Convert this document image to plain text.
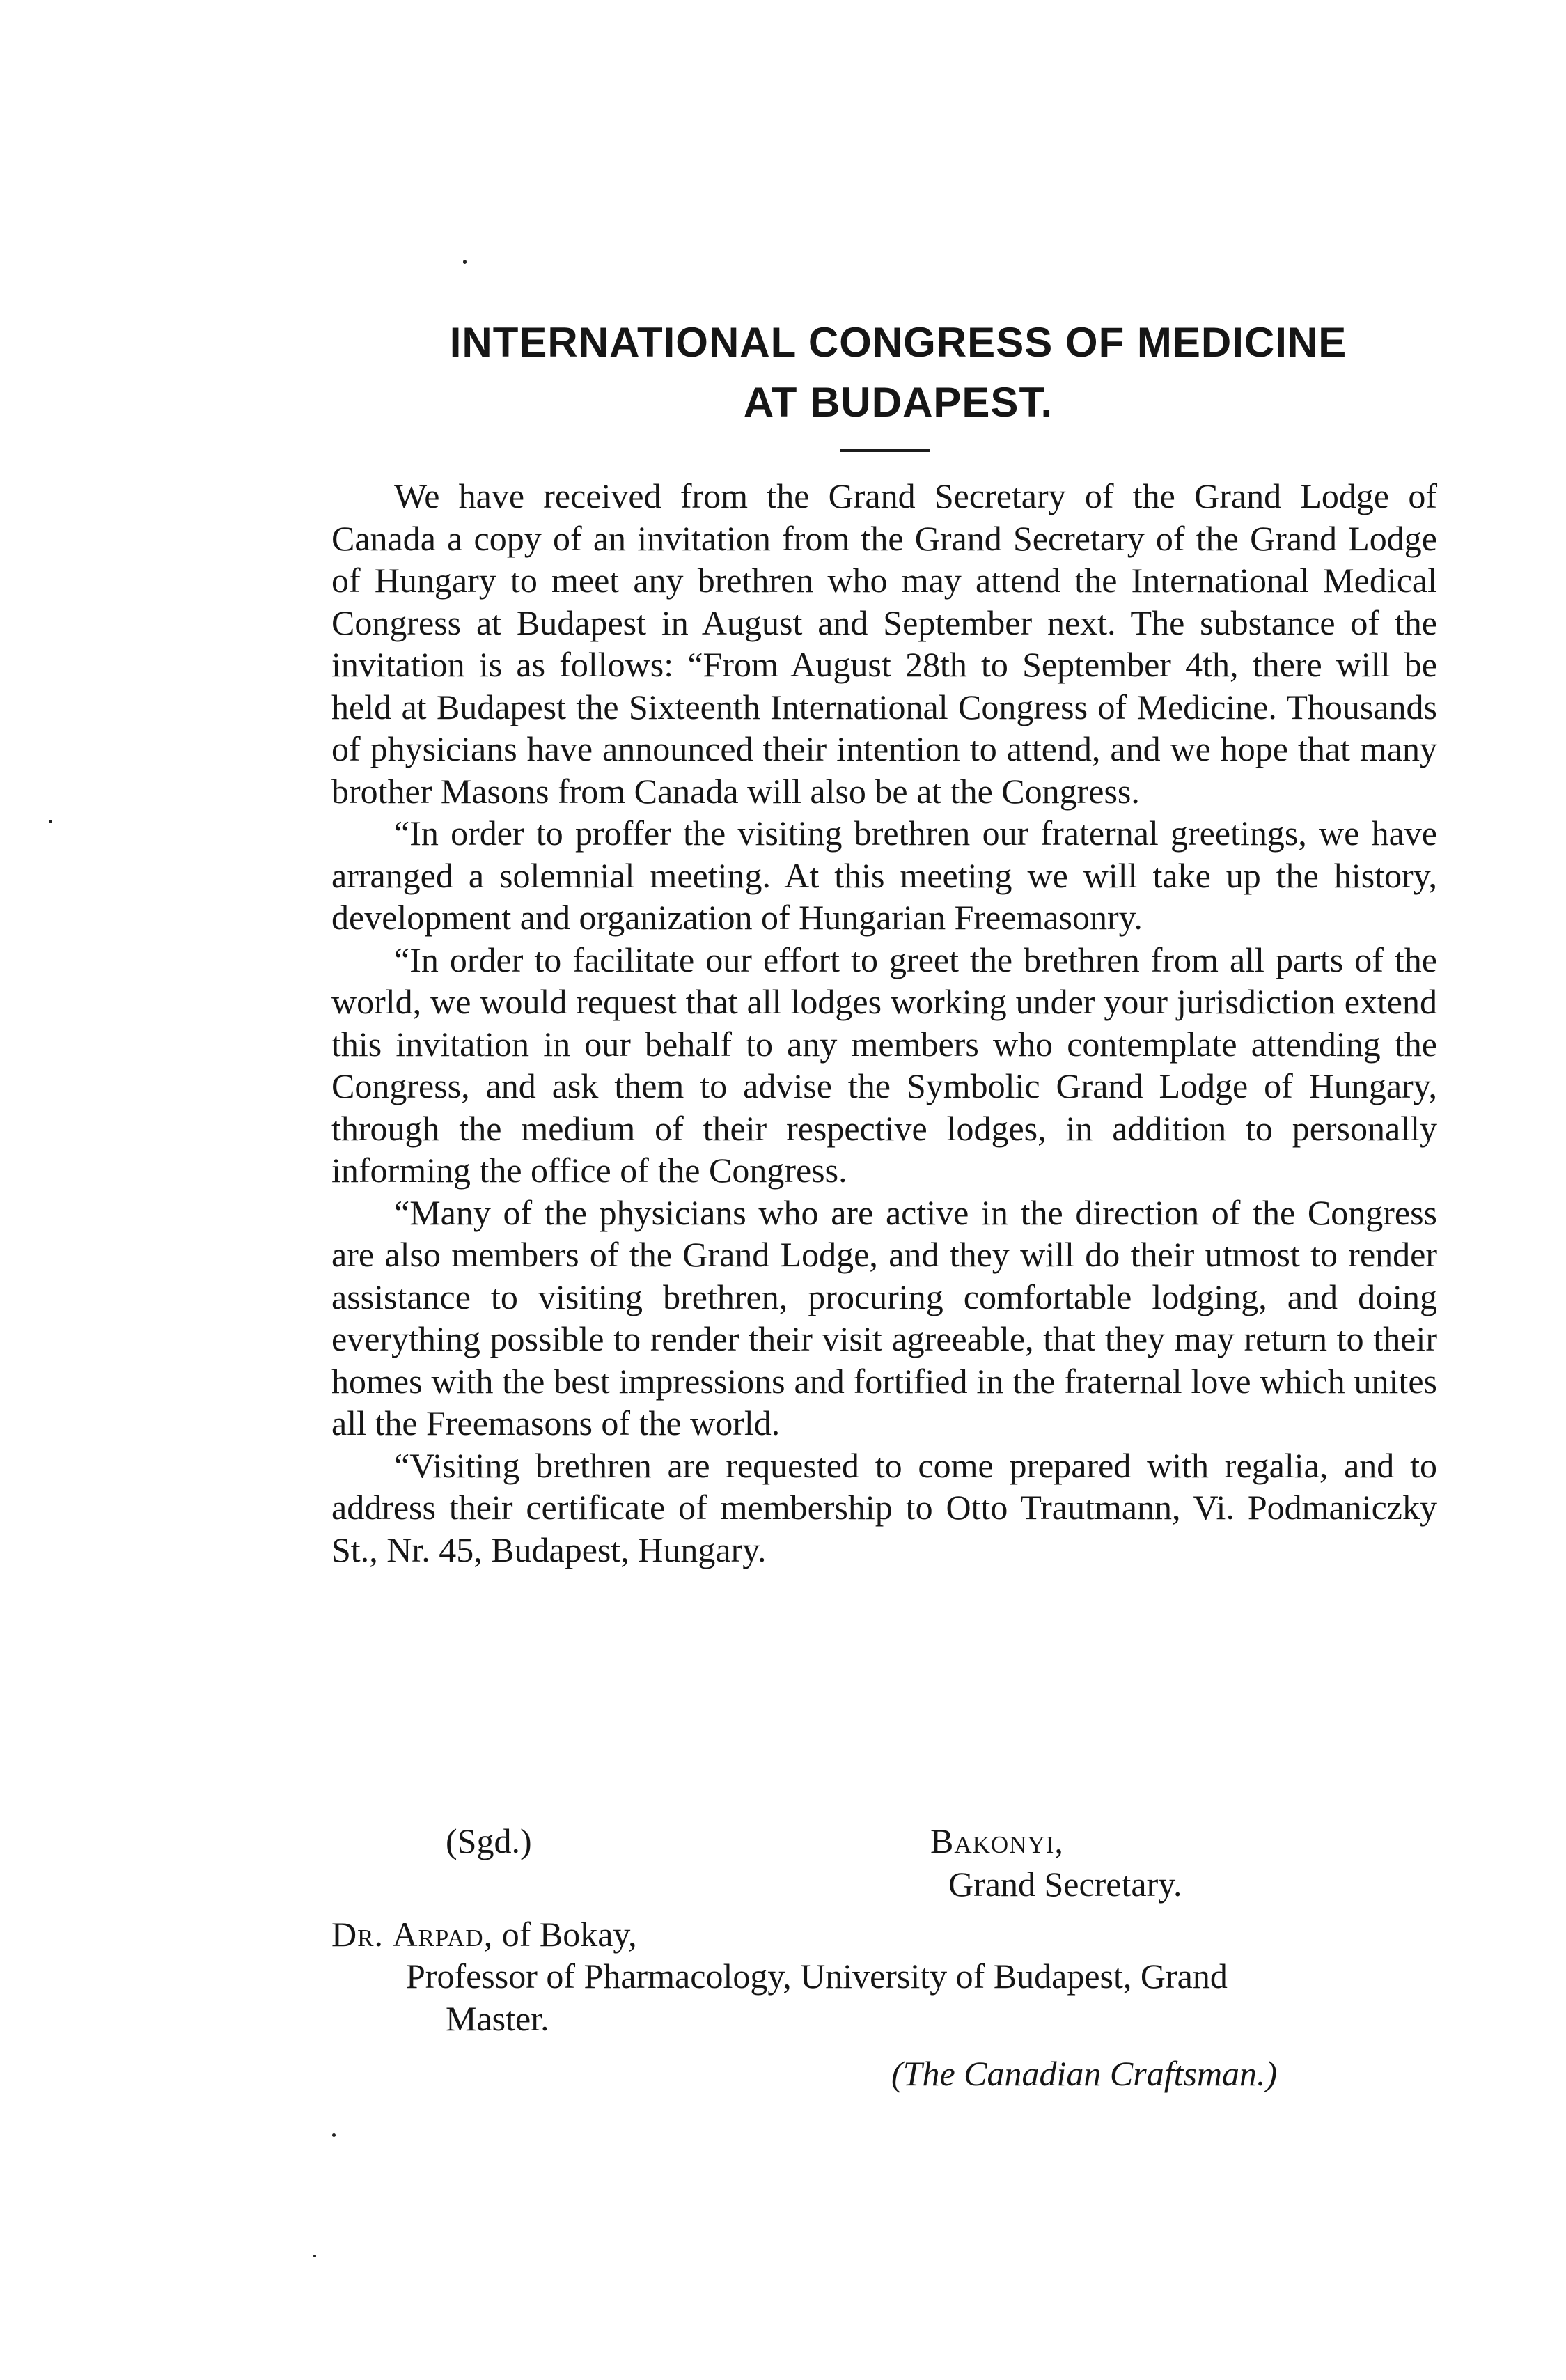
INTERNATIONAL CONGRESS OF MEDICINE
AT BUDAPEST.

We have received from the Grand Secretary of the Grand Lodge of Canada a copy of an invitation from the Grand Secretary of the Grand Lodge of Hungary to meet any brethren who may attend the International Medical Congress at Budapest in August and September next. The substance of the invitation is as follows: “From August 28th to September 4th, there will be held at Budapest the Sixteenth International Congress of Medicine. Thousands of physicians have announced their intention to attend, and we hope that many brother Masons from Canada will also be at the Congress.

“In order to proffer the visiting brethren our fraternal greetings, we have arranged a solemnial meeting. At this meeting we will take up the history, development and organization of Hungarian Freemasonry.

“In order to facilitate our effort to greet the brethren from all parts of the world, we would request that all lodges working under your jurisdiction extend this invitation in our behalf to any members who contemplate attending the Congress, and ask them to advise the Symbolic Grand Lodge of Hungary, through the medium of their respective lodges, in addition to personally informing the office of the Congress.

“Many of the physicians who are active in the direction of the Congress are also members of the Grand Lodge, and they will do their utmost to render assistance to visiting brethren, procuring comfortable lodging, and doing everything possible to render their visit agreeable, that they may return to their homes with the best impressions and fortified in the fraternal love which unites all the Freemasons of the world.

“Visiting brethren are requested to come prepared with regalia, and to address their certificate of membership to Otto Trautmann, Vi. Podmaniczky St., Nr. 45, Budapest, Hungary.

(Sgd.)	Bakonyi,
Grand Secretary.
Dr. Arpad, of Bokay,
Professor of Pharmacology, University of Budapest, Grand
Master.
(The Canadian Craftsman.)
